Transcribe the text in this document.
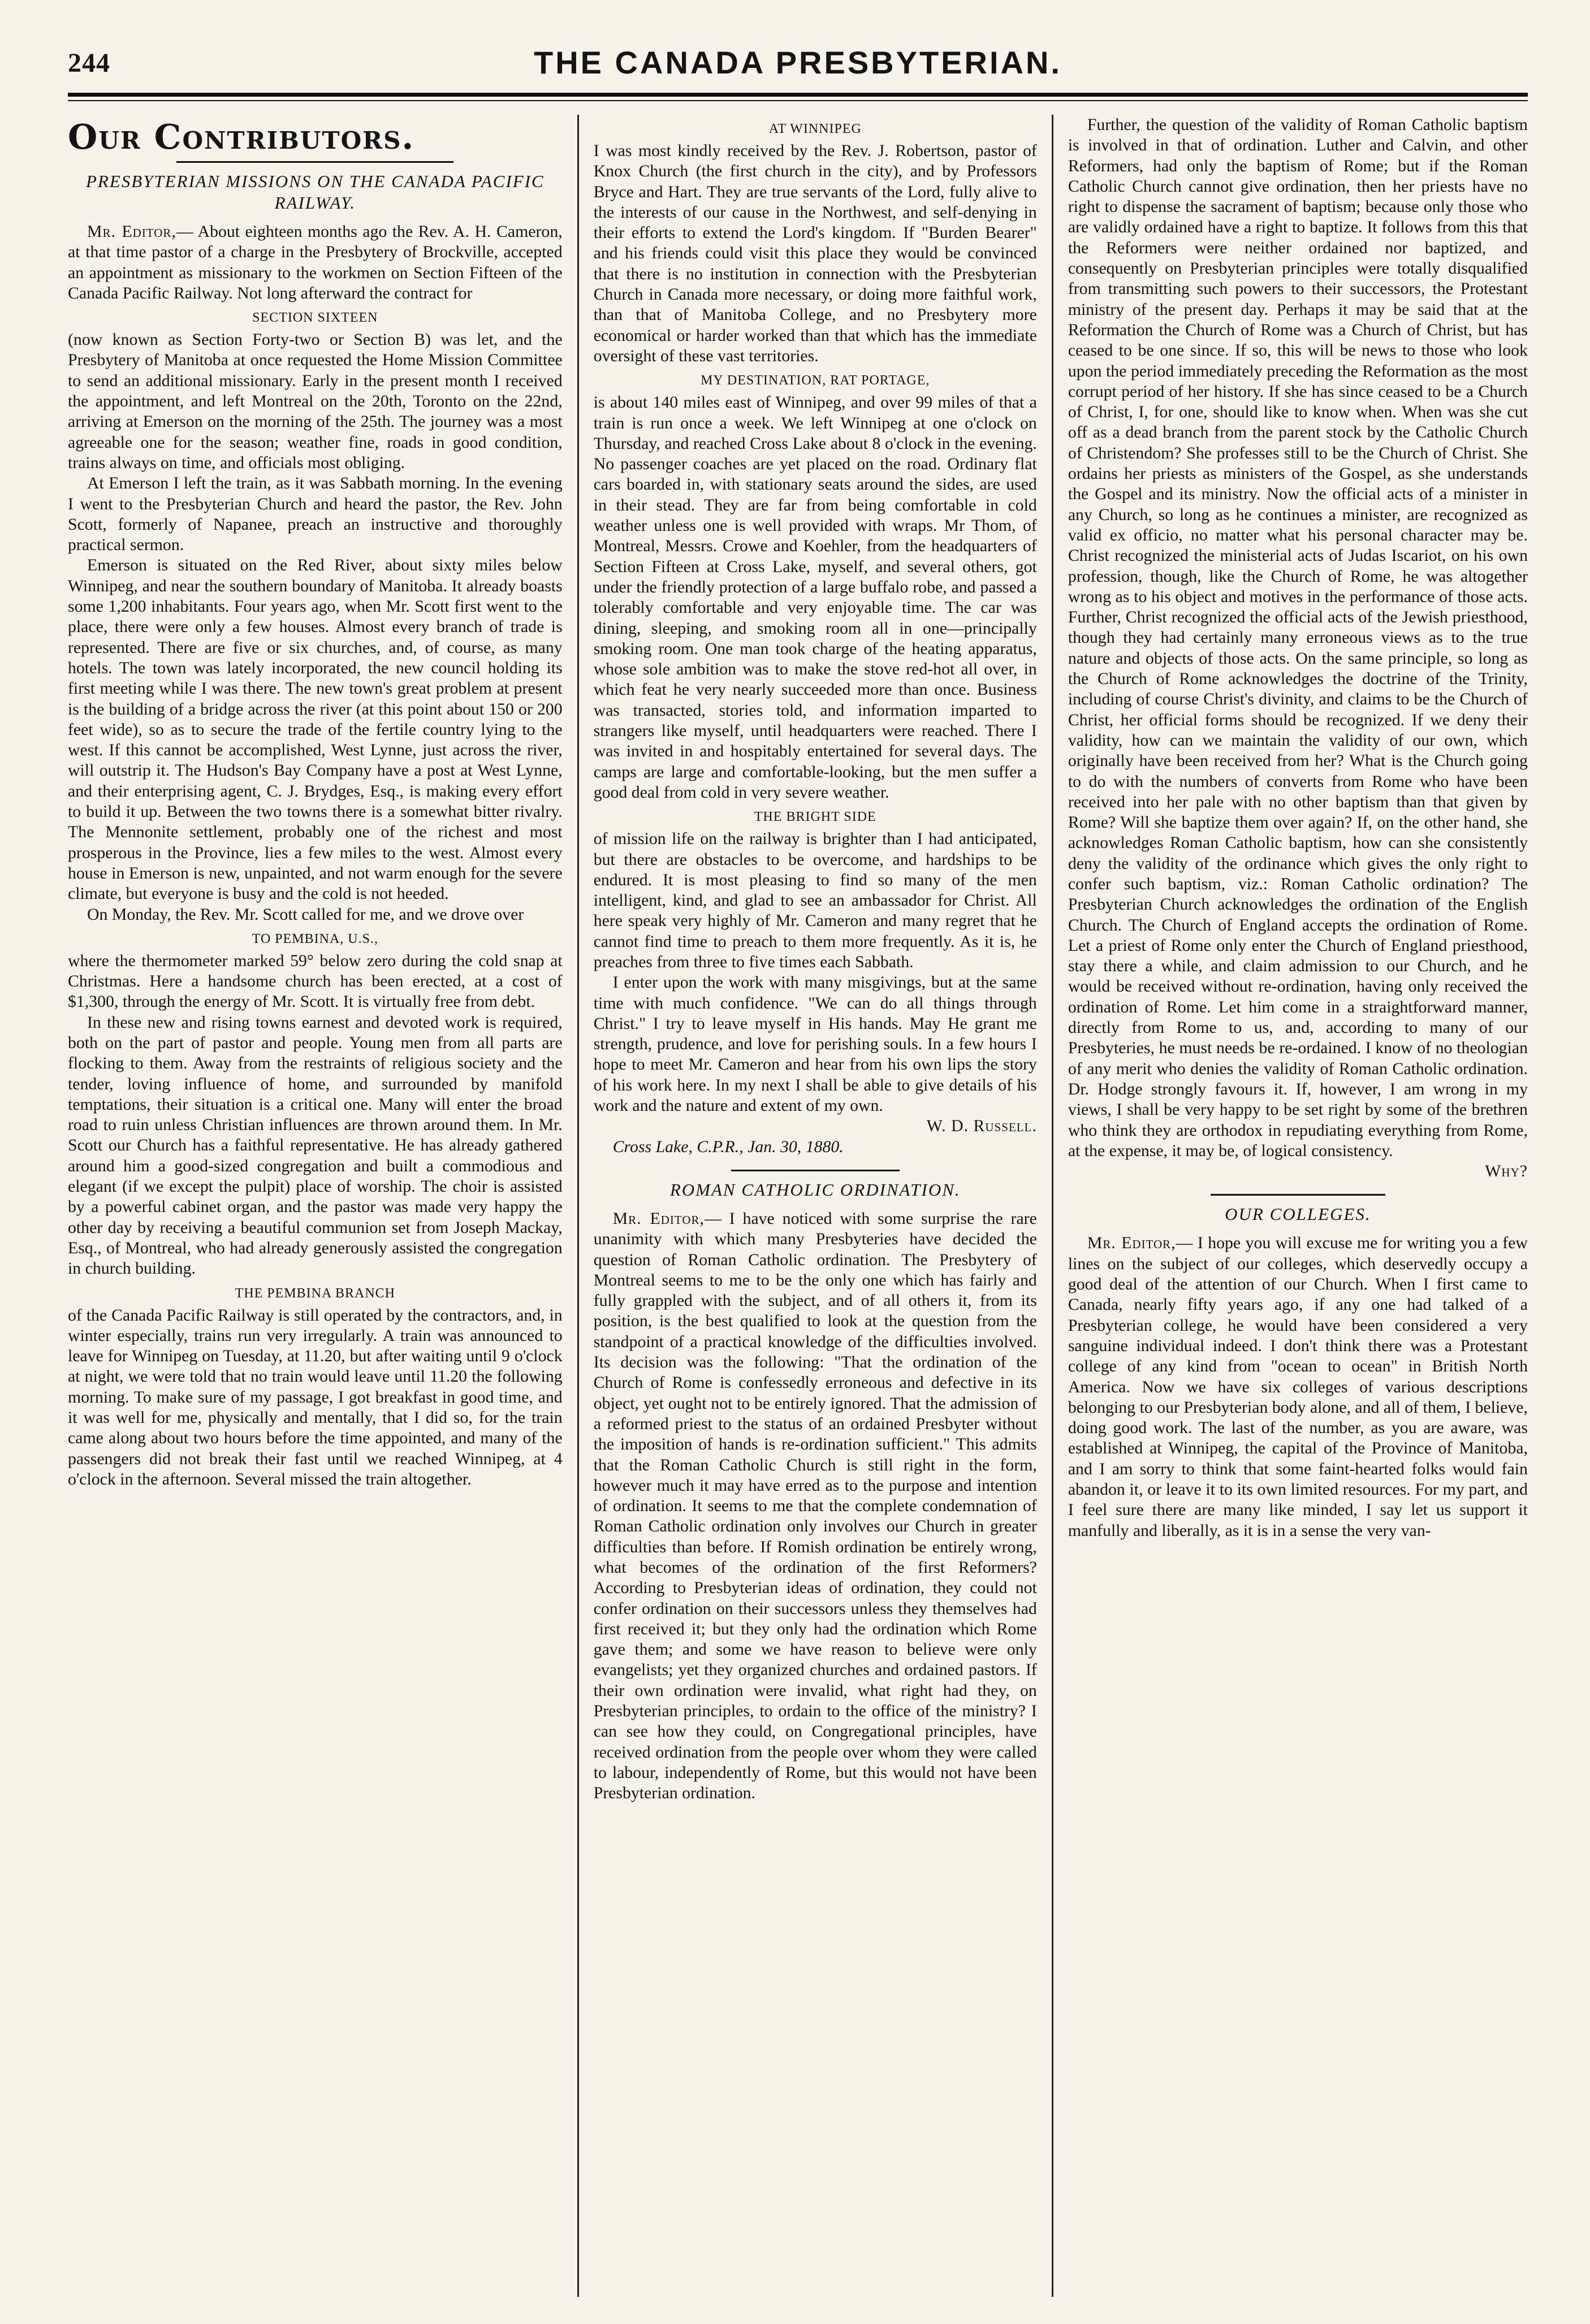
244	THE CANADA PRESBYTERIAN.
Our Contributors.
PRESBYTERIAN MISSIONS ON THE CANADA PACIFIC RAILWAY.

Mr. Editor,— About eighteen months ago the Rev. A. H. Cameron, at that time pastor of a charge in the Presbytery of Brockville, accepted an appointment as missionary to the workmen on Section Fifteen of the Canada Pacific Railway. Not long afterward the contract for

SECTION SIXTEEN

(now known as Section Forty-two or Section B) was let, and the Presbytery of Manitoba at once requested the Home Mission Committee to send an additional missionary. Early in the present month I received the appointment, and left Montreal on the 20th, Toronto on the 22nd, arriving at Emerson on the morning of the 25th. The journey was a most agreeable one for the season; weather fine, roads in good condition, trains always on time, and officials most obliging.

At Emerson I left the train, as it was Sabbath morning. In the evening I went to the Presbyterian Church and heard the pastor, the Rev. John Scott, formerly of Napanee, preach an instructive and thoroughly practical sermon.

Emerson is situated on the Red River, about sixty miles below Winnipeg, and near the southern boundary of Manitoba. It already boasts some 1,200 inhabitants. Four years ago, when Mr. Scott first went to the place, there were only a few houses. Almost every branch of trade is represented. There are five or six churches, and, of course, as many hotels. The town was lately incorporated, the new council holding its first meeting while I was there. The new town's great problem at present is the building of a bridge across the river (at this point about 150 or 200 feet wide), so as to secure the trade of the fertile country lying to the west. If this cannot be accomplished, West Lynne, just across the river, will outstrip it. The Hudson's Bay Company have a post at West Lynne, and their enterprising agent, C. J. Brydges, Esq., is making every effort to build it up. Between the two towns there is a somewhat bitter rivalry. The Mennonite settlement, probably one of the richest and most prosperous in the Province, lies a few miles to the west. Almost every house in Emerson is new, unpainted, and not warm enough for the severe climate, but everyone is busy and the cold is not heeded.

On Monday, the Rev. Mr. Scott called for me, and we drove over

TO PEMBINA, U.S.,

where the thermometer marked 59° below zero during the cold snap at Christmas. Here a handsome church has been erected, at a cost of $1,300, through the energy of Mr. Scott. It is virtually free from debt.

In these new and rising towns earnest and devoted work is required, both on the part of pastor and people. Young men from all parts are flocking to them. Away from the restraints of religious society and the tender, loving influence of home, and surrounded by manifold temptations, their situation is a critical one. Many will enter the broad road to ruin unless Christian influences are thrown around them. In Mr. Scott our Church has a faithful representative. He has already gathered around him a good-sized congregation and built a commodious and elegant (if we except the pulpit) place of worship. The choir is assisted by a powerful cabinet organ, and the pastor was made very happy the other day by receiving a beautiful communion set from Joseph Mackay, Esq., of Montreal, who had already generously assisted the congregation in church building.

THE PEMBINA BRANCH

of the Canada Pacific Railway is still operated by the contractors, and, in winter especially, trains run very irregularly. A train was announced to leave for Winnipeg on Tuesday, at 11.20, but after waiting until 9 o'clock at night, we were told that no train would leave until 11.20 the following morning. To make sure of my passage, I got breakfast in good time, and it was well for me, physically and mentally, that I did so, for the train came along about two hours before the time appointed, and many of the passengers did not break their fast until we reached Winnipeg, at 4 o'clock in the afternoon. Several missed the train altogether.

AT WINNIPEG

I was most kindly received by the Rev. J. Robertson, pastor of Knox Church (the first church in the city), and by Professors Bryce and Hart. They are true servants of the Lord, fully alive to the interests of our cause in the Northwest, and self-denying in their efforts to extend the Lord's kingdom. If "Burden Bearer" and his friends could visit this place they would be convinced that there is no institution in connection with the Presbyterian Church in Canada more necessary, or doing more faithful work, than that of Manitoba College, and no Presbytery more economical or harder worked than that which has the immediate oversight of these vast territories.

MY DESTINATION, RAT PORTAGE,

is about 140 miles east of Winnipeg, and over 99 miles of that a train is run once a week. We left Winnipeg at one o'clock on Thursday, and reached Cross Lake about 8 o'clock in the evening. No passenger coaches are yet placed on the road. Ordinary flat cars boarded in, with stationary seats around the sides, are used in their stead. They are far from being comfortable in cold weather unless one is well provided with wraps. Mr Thom, of Montreal, Messrs. Crowe and Koehler, from the headquarters of Section Fifteen at Cross Lake, myself, and several others, got under the friendly protection of a large buffalo robe, and passed a tolerably comfortable and very enjoyable time. The car was dining, sleeping, and smoking room all in one—principally smoking room. One man took charge of the heating apparatus, whose sole ambition was to make the stove red-hot all over, in which feat he very nearly succeeded more than once. Business was transacted, stories told, and information imparted to strangers like myself, until headquarters were reached. There I was invited in and hospitably entertained for several days. The camps are large and comfortable-looking, but the men suffer a good deal from cold in very severe weather.

THE BRIGHT SIDE

of mission life on the railway is brighter than I had anticipated, but there are obstacles to be overcome, and hardships to be endured. It is most pleasing to find so many of the men intelligent, kind, and glad to see an ambassador for Christ. All here speak very highly of Mr. Cameron and many regret that he cannot find time to preach to them more frequently. As it is, he preaches from three to five times each Sabbath.

I enter upon the work with many misgivings, but at the same time with much confidence. "We can do all things through Christ." I try to leave myself in His hands. May He grant me strength, prudence, and love for perishing souls. In a few hours I hope to meet Mr. Cameron and hear from his own lips the story of his work here. In my next I shall be able to give details of his work and the nature and extent of my own.

W. D. Russell.

Cross Lake, C.P.R., Jan. 30, 1880.

ROMAN CATHOLIC ORDINATION.

Mr. Editor,— I have noticed with some surprise the rare unanimity with which many Presbyteries have decided the question of Roman Catholic ordination. The Presbytery of Montreal seems to me to be the only one which has fairly and fully grappled with the subject, and of all others it, from its position, is the best qualified to look at the question from the standpoint of a practical knowledge of the difficulties involved. Its decision was the following: "That the ordination of the Church of Rome is confessedly erroneous and defective in its object, yet ought not to be entirely ignored. That the admission of a reformed priest to the status of an ordained Presbyter without the imposition of hands is re-ordination sufficient." This admits that the Roman Catholic Church is still right in the form, however much it may have erred as to the purpose and intention of ordination. It seems to me that the complete condemnation of Roman Catholic ordination only involves our Church in greater difficulties than before. If Romish ordination be entirely wrong, what becomes of the ordination of the first Reformers? According to Presbyterian ideas of ordination, they could not confer ordination on their successors unless they themselves had first received it; but they only had the ordination which Rome gave them; and some we have reason to believe were only evangelists; yet they organized churches and ordained pastors. If their own ordination were invalid, what right had they, on Presbyterian principles, to ordain to the office of the ministry? I can see how they could, on Congregational principles, have received ordination from the people over whom they were called to labour, independently of Rome, but this would not have been Presbyterian ordination.

Further, the question of the validity of Roman Catholic baptism is involved in that of ordination. Luther and Calvin, and other Reformers, had only the baptism of Rome; but if the Roman Catholic Church cannot give ordination, then her priests have no right to dispense the sacrament of baptism; because only those who are validly ordained have a right to baptize. It follows from this that the Reformers were neither ordained nor baptized, and consequently on Presbyterian principles were totally disqualified from transmitting such powers to their successors, the Protestant ministry of the present day. Perhaps it may be said that at the Reformation the Church of Rome was a Church of Christ, but has ceased to be one since. If so, this will be news to those who look upon the period immediately preceding the Reformation as the most corrupt period of her history. If she has since ceased to be a Church of Christ, I, for one, should like to know when. When was she cut off as a dead branch from the parent stock by the Catholic Church of Christendom? She professes still to be the Church of Christ. She ordains her priests as ministers of the Gospel, as she understands the Gospel and its ministry. Now the official acts of a minister in any Church, so long as he continues a minister, are recognized as valid ex officio, no matter what his personal character may be. Christ recognized the ministerial acts of Judas Iscariot, on his own profession, though, like the Church of Rome, he was altogether wrong as to his object and motives in the performance of those acts. Further, Christ recognized the official acts of the Jewish priesthood, though they had certainly many erroneous views as to the true nature and objects of those acts. On the same principle, so long as the Church of Rome acknowledges the doctrine of the Trinity, including of course Christ's divinity, and claims to be the Church of Christ, her official forms should be recognized. If we deny their validity, how can we maintain the validity of our own, which originally have been received from her? What is the Church going to do with the numbers of converts from Rome who have been received into her pale with no other baptism than that given by Rome? Will she baptize them over again? If, on the other hand, she acknowledges Roman Catholic baptism, how can she consistently deny the validity of the ordinance which gives the only right to confer such baptism, viz.: Roman Catholic ordination? The Presbyterian Church acknowledges the ordination of the English Church. The Church of England accepts the ordination of Rome. Let a priest of Rome only enter the Church of England priesthood, stay there a while, and claim admission to our Church, and he would be received without re-ordination, having only received the ordination of Rome. Let him come in a straightforward manner, directly from Rome to us, and, according to many of our Presbyteries, he must needs be re-ordained. I know of no theologian of any merit who denies the validity of Roman Catholic ordination. Dr. Hodge strongly favours it. If, however, I am wrong in my views, I shall be very happy to be set right by some of the brethren who think they are orthodox in repudiating everything from Rome, at the expense, it may be, of logical consistency.

Why?

OUR COLLEGES.

Mr. Editor,— I hope you will excuse me for writing you a few lines on the subject of our colleges, which deservedly occupy a good deal of the attention of our Church. When I first came to Canada, nearly fifty years ago, if any one had talked of a Presbyterian college, he would have been considered a very sanguine individual indeed. I don't think there was a Protestant college of any kind from "ocean to ocean" in British North America. Now we have six colleges of various descriptions belonging to our Presbyterian body alone, and all of them, I believe, doing good work. The last of the number, as you are aware, was established at Winnipeg, the capital of the Province of Manitoba, and I am sorry to think that some faint-hearted folks would fain abandon it, or leave it to its own limited resources. For my part, and I feel sure there are many like minded, I say let us support it manfully and liberally, as it is in a sense the very van-
